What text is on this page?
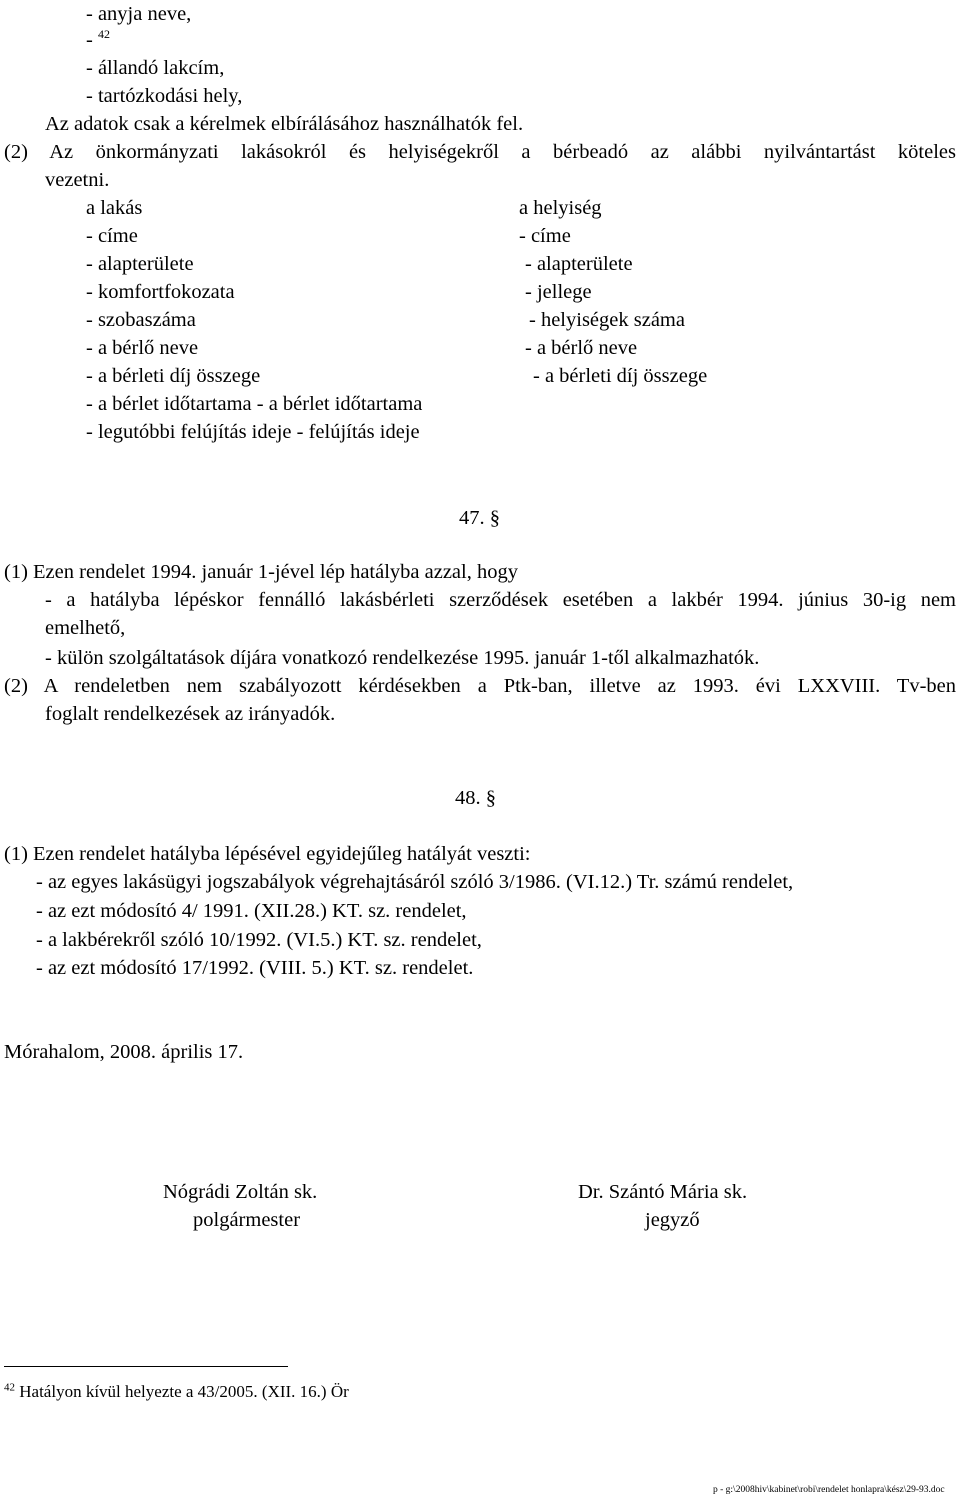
- anyja neve,
- $^{42}$
- állandó lakcím,
- tartózkodási hely,
Az adatok csak a kérelmek elbírálásához használhatók fel.
(2) Az önkormányzati lakásokról és helyiségekről a bérbeadó az alábbi nyilvántartást köteles
vezetni.
a lakás
- címe
- alapterülete
- komfortfokozata
- szobaszáma
- a bérlő neve
- a bérleti díj összege
a helyiség
- címe
- alapterülete
- jellege
- helyiségek száma
- a bérlő neve
- a bérleti díj összege
- a bérlet időtartama - a bérlet időtartama
- legutóbbi felújítás ideje - felújítás ideje
47. §
(1) Ezen rendelet 1994. január 1-jével lép hatályba azzal, hogy
- a hatályba lépéskor fennálló lakásbérleti szerződések esetében a lakbér 1994. június 30-ig nem
emelhető,
- külön szolgáltatások díjára vonatkozó rendelkezése 1995. január 1-től alkalmazhatók.
(2) A rendeletben nem szabályozott kérdésekben a Ptk-ban, illetve az 1993. évi LXXVIII. Tv-ben
foglalt rendelkezések az irányadók.
48. §
(1) Ezen rendelet hatályba lépésével egyidejűleg hatályát veszti:
- az egyes lakásügyi jogszabályok végrehajtásáról szóló 3/1986. (VI.12.) Tr. számú rendelet,
- az ezt módosító 4/ 1991. (XII.28.) KT. sz. rendelet,
- a lakbérekről szóló 10/1992. (VI.5.) KT. sz. rendelet,
- az ezt módosító 17/1992. (VIII. 5.) KT. sz. rendelet.
Mórahalom, 2008. április 17.
Nógrádi Zoltán sk.
polgármester
Dr. Szántó Mária sk.
jegyző
$^{42}$ Hatályon kívül helyezte a 43/2005. (XII. 16.) Ör
p - g:\2008hiv\kabinet\robi\rendelet honlapra\kész\29-93.doc
